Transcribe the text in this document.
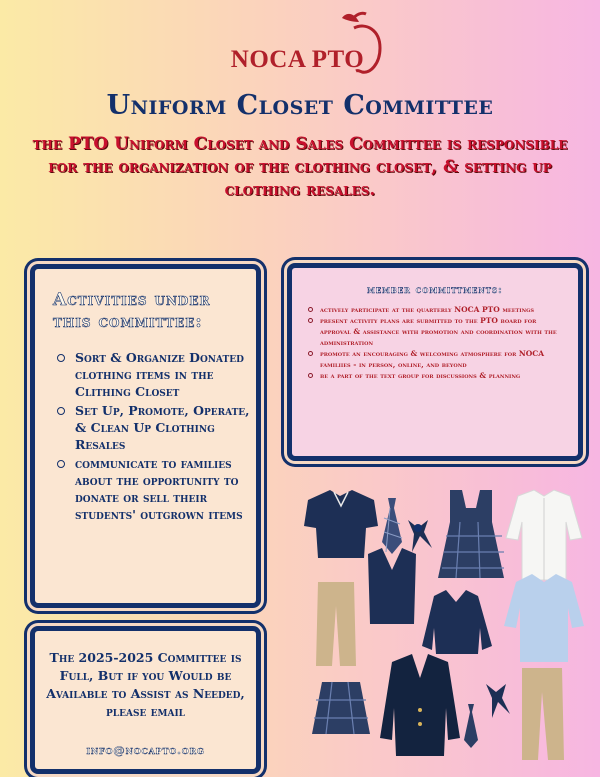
NOCA PTO
Uniform Closet Committee
the PTO Uniform Closet and Sales Committee is responsible for the organization of the clothing closet, & setting up clothing resales.
Activities under this committee:
Sort & Organize Donated clothing items in the Clithing Closet
Set Up, Promote, Operate, & Clean Up Clothing Resales
communicate to families about the opportunity to donate or sell their students' outgrown items
member committments:
actively participate at the quarterly NOCA PTO meetings
present activity plans are submitted to the PTO board for approval & assistance with promotion and coordination with the administration
promote an encouraging & welcoming atmosphere for NOCA familiies - in person, online, and beyond
be a part of the text group for discussions & planning
The 2025-2025 Committee is Full, But if you Would be Available to Assist as Needed, please email
info@nocapto.org
